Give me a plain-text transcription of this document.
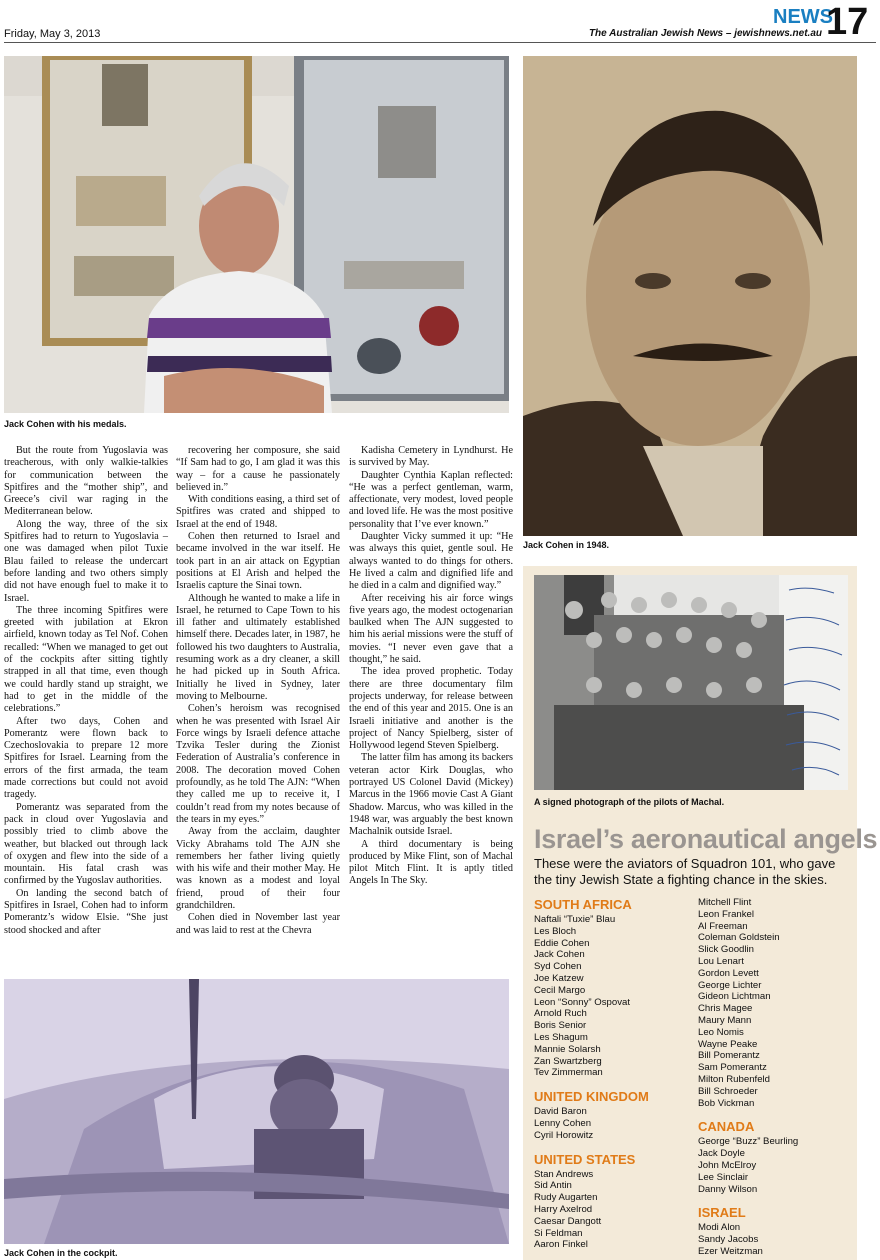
Friday, May 3, 2013	The Australian Jewish News – jewishnews.net.au
NEWS
17
Jack Cohen with his medals.
Jack Cohen in 1948.
Jack Cohen in the cockpit.

But the route from Yugoslavia was treacherous, with only walkie-talkies for communication between the Spitfires and the “mother ship”, and Greece’s civil war raging in the Mediterranean below.

Along the way, three of the six Spitfires had to return to Yugoslavia – one was damaged when pilot Tuxie Blau failed to release the undercart before landing and two others simply did not have enough fuel to make it to Israel.

The three incoming Spitfires were greeted with jubilation at Ekron airfield, known today as Tel Nof. Cohen recalled: “When we managed to get out of the cockpits after sitting tightly strapped in all that time, even though we could hardly stand up straight, we had to get in the middle of the celebrations.”

After two days, Cohen and Pomerantz were flown back to Czechoslovakia to prepare 12 more Spitfires for Israel. Learning from the errors of the first armada, the team made corrections but could not avoid tragedy.

Pomerantz was separated from the pack in cloud over Yugoslavia and possibly tried to climb above the weather, but blacked out through lack of oxygen and flew into the side of a mountain. His fatal crash was confirmed by the Yugoslav authorities.

On landing the second batch of Spitfires in Israel, Cohen had to inform Pomerantz’s widow Elsie. “She just stood shocked and after

recovering her composure, she said “If Sam had to go, I am glad it was this way – for a cause he passionately believed in.”

With conditions easing, a third set of Spitfires was crated and shipped to Israel at the end of 1948.

Cohen then returned to Israel and became involved in the war itself. He took part in an air attack on Egyptian positions at El Arish and helped the Israelis capture the Sinai town.

Although he wanted to make a life in Israel, he returned to Cape Town to his ill father and ultimately established himself there. Decades later, in 1987, he followed his two daughters to Australia, resuming work as a dry cleaner, a skill he had picked up in South Africa. Initially he lived in Sydney, later moving to Melbourne.

Cohen’s heroism was recognised when he was presented with Israel Air Force wings by Israeli defence attache Tzvika Tesler during the Zionist Federation of Australia’s conference in 2008. The decoration moved Cohen profoundly, as he told The AJN: “When they called me up to receive it, I couldn’t read from my notes because of the tears in my eyes.”

Away from the acclaim, daughter Vicky Abrahams told The AJN she remembers her father living quietly with his wife and their mother May. He was known as a modest and loyal friend, proud of their four grandchildren.

Cohen died in November last year and was laid to rest at the Chevra

Kadisha Cemetery in Lyndhurst. He is survived by May.

Daughter Cynthia Kaplan reflected: “He was a perfect gentleman, warm, affectionate, very modest, loved people and loved life. He was the most positive personality that I’ve ever known.”

Daughter Vicky summed it up: “He was always this quiet, gentle soul. He always wanted to do things for others. He lived a calm and dignified life and he died in a calm and dignified way.”

After receiving his air force wings five years ago, the modest octogenarian baulked when The AJN suggested to him his aerial missions were the stuff of movies. “I never even gave that a thought,” he said.

The idea proved prophetic. Today there are three documentary film projects underway, for release between the end of this year and 2015. One is an Israeli initiative and another is the project of Nancy Spielberg, sister of Hollywood legend Steven Spielberg.

The latter film has among its backers veteran actor Kirk Douglas, who portrayed US Colonel David (Mickey) Marcus in the 1966 movie Cast A Giant Shadow. Marcus, who was killed in the 1948 war, was arguably the best known Machalnik outside Israel.

A third documentary is being produced by Mike Flint, son of Machal pilot Mitch Flint. It is aptly titled Angels In The Sky.

A signed photograph of the pilots of Machal.
Israel’s aeronautical angels
These were the aviators of Squadron 101, who gave the tiny Jewish State a fighting chance in the skies.
SOUTH AFRICA
Naftali “Tuxie” Blau
Les Bloch
Eddie Cohen
Jack Cohen
Syd Cohen
Joe Katzew
Cecil Margo
Leon “Sonny” Ospovat
Arnold Ruch
Boris Senior
Les Shagum
Mannie Solarsh
Zan Swartzberg
Tev Zimmerman
UNITED KINGDOM
David Baron
Lenny Cohen
Cyril Horowitz
UNITED STATES
Stan Andrews
Sid Antin
Rudy Augarten
Harry Axelrod
Caesar Dangott
Si Feldman
Aaron Finkel
Mitchell Flint
Leon Frankel
Al Freeman
Coleman Goldstein
Slick Goodlin
Lou Lenart
Gordon Levett
George Lichter
Gideon Lichtman
Chris Magee
Maury Mann
Leo Nomis
Wayne Peake
Bill Pomerantz
Sam Pomerantz
Milton Rubenfeld
Bill Schroeder
Bob Vickman
CANADA
George “Buzz” Beurling
Jack Doyle
John McElroy
Lee Sinclair
Danny Wilson
ISRAEL
Modi Alon
Sandy Jacobs
Ezer Weitzman
